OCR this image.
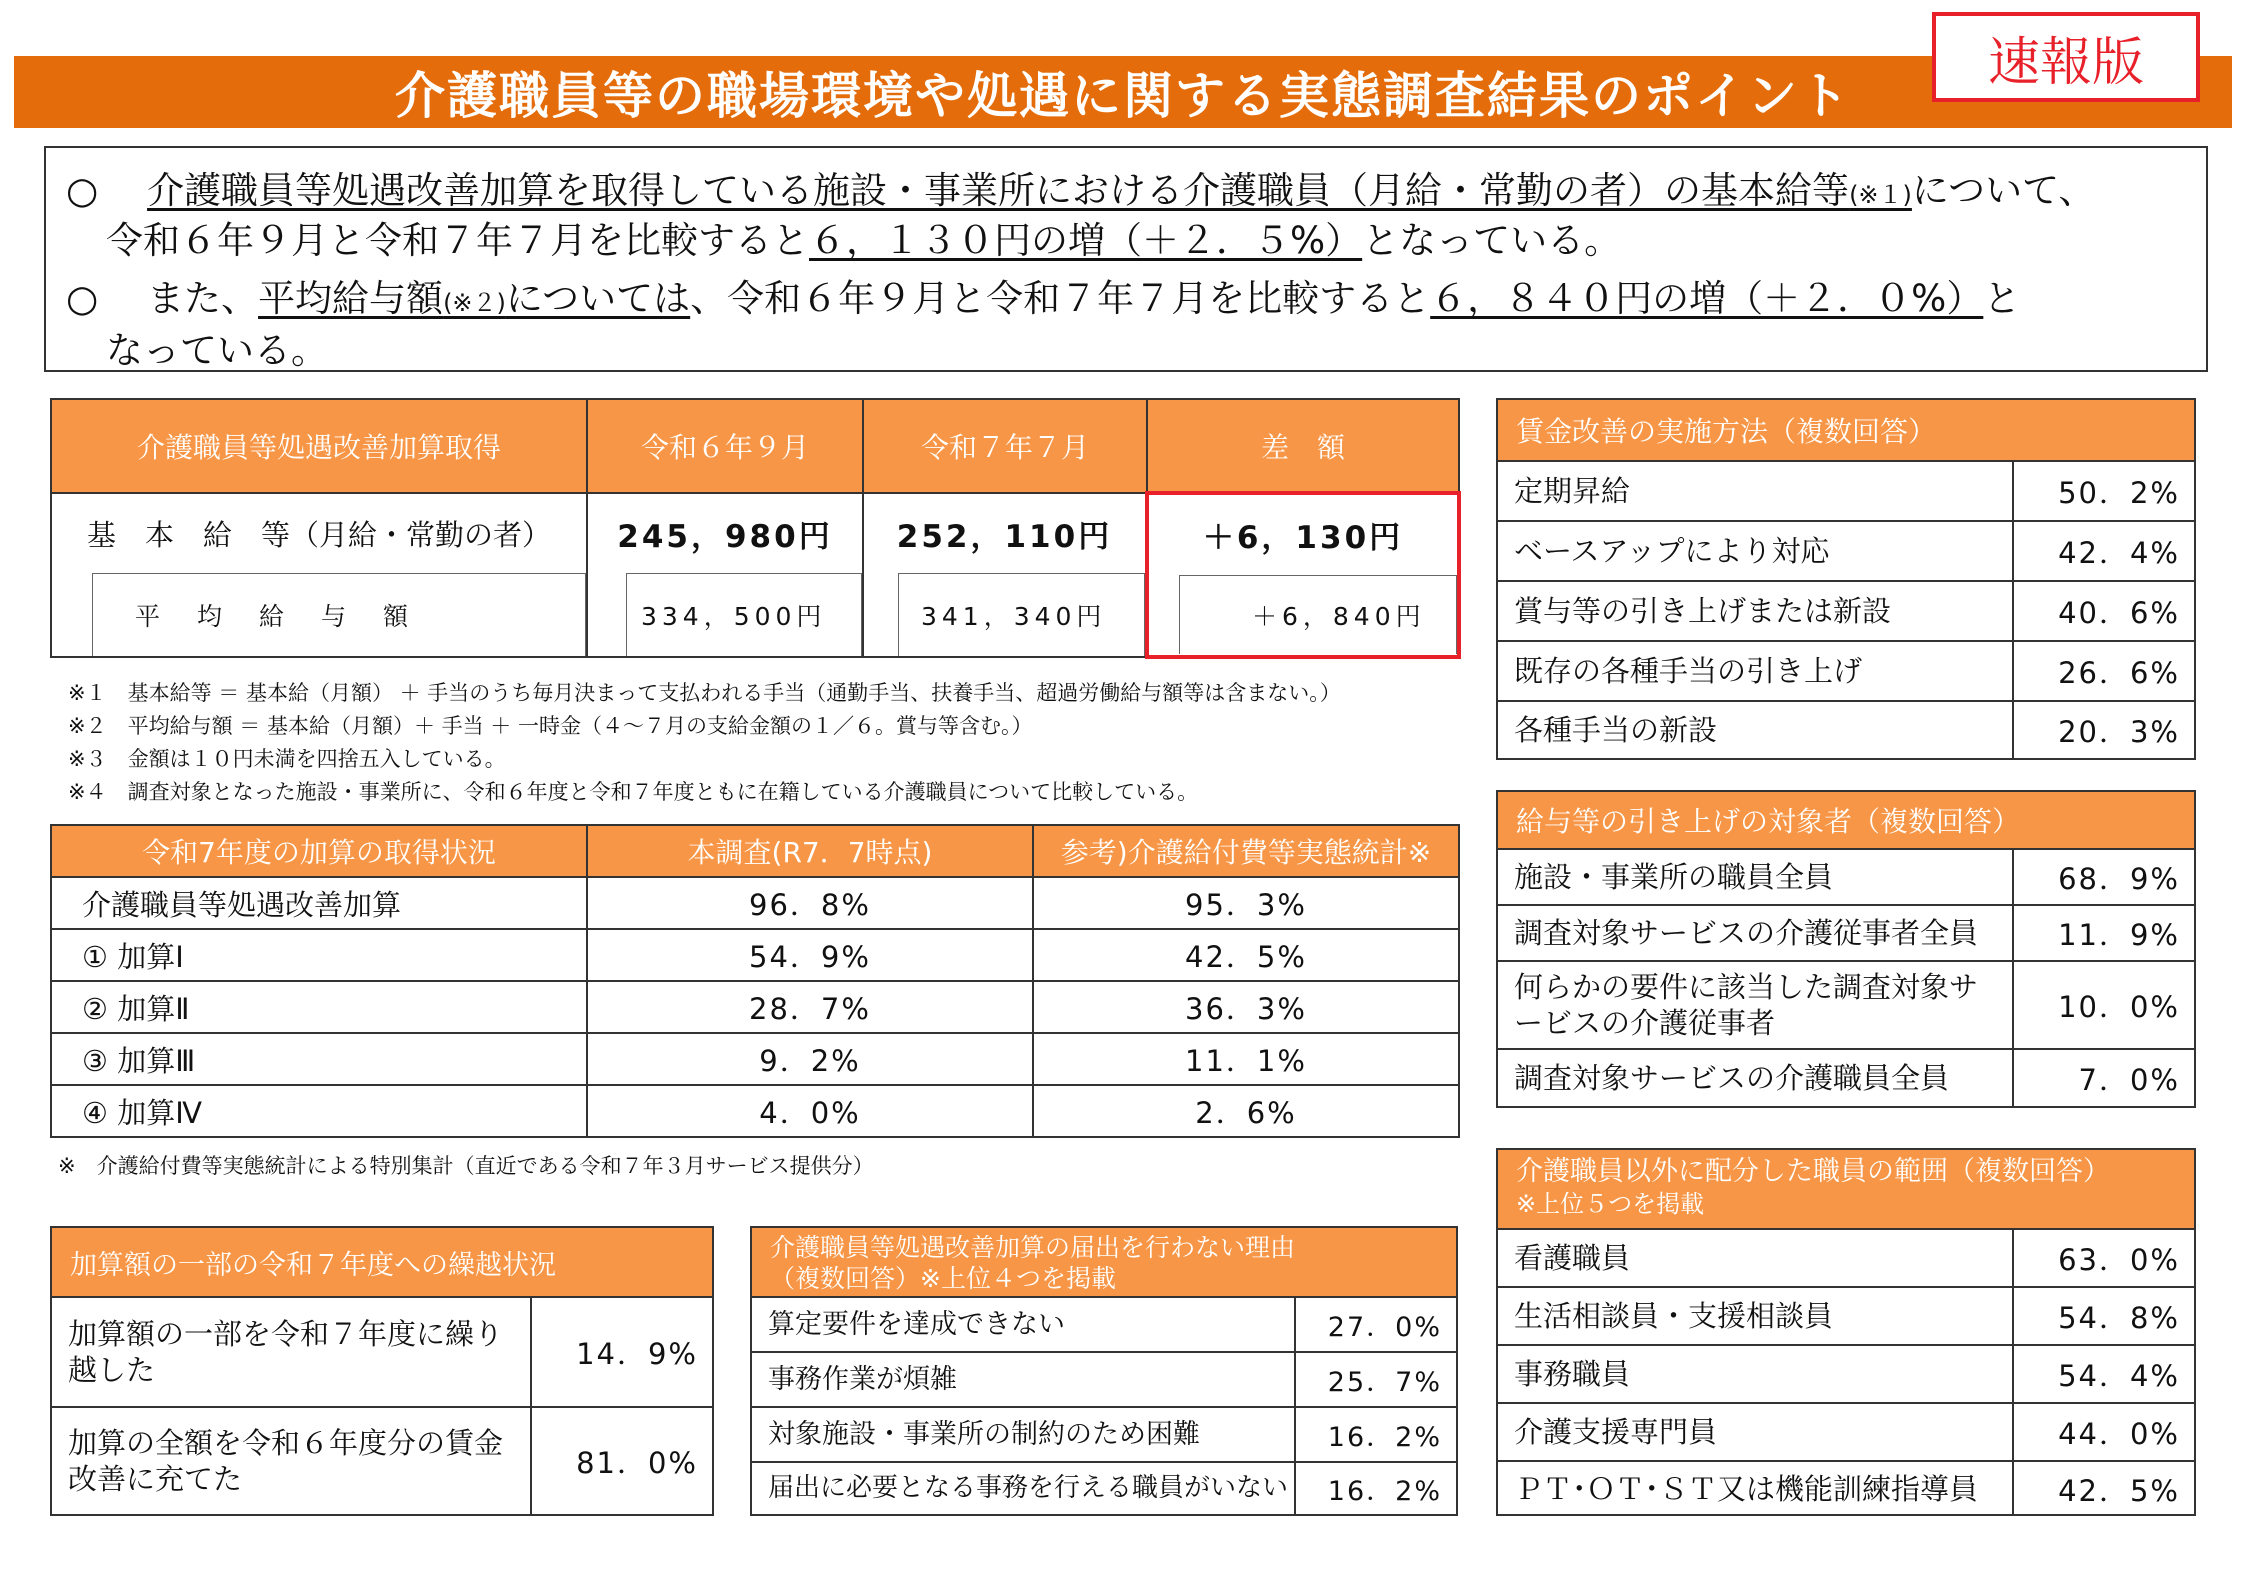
介護職員等の職場環境や処遇に関する実態調査結果のポイント
速報版
○　 介護職員等処遇改善加算を取得している施設・事業所における介護職員（月給・常勤の者）の基本給等(※１)について、
令和６年９月と令和７年７月を比較すると６，１３０円の増（＋２．５%）となっている。
○　 また、平均給与額(※２)については、令和６年９月と令和７年７月を比較すると６，８４０円の増（＋２．０%）と
なっている。
介護職員等処遇改善加算取得	令和６年９月	令和７年７月	差　額
基　本　給　等（月給・常勤の者）	245，980円	252，110円	＋6，130円

平　均　給　与　額	334，500円	341，340円	＋6，840円
※１　基本給等 ＝ 基本給（月額） ＋ 手当のうち毎月決まって支払われる手当（通勤手当、扶養手当、超過労働給与額等は含まない。）
※２　平均給与額 ＝ 基本給（月額）＋ 手当 ＋ 一時金（４～７月の支給金額の１／６。賞与等含む。）
※３　金額は１０円未満を四捨五入している。
※４　調査対象となった施設・事業所に、令和６年度と令和７年度ともに在籍している介護職員について比較している。
令和7年度の加算の取得状況	本調査(R7．7時点)	参考)介護給付費等実態統計※
介護職員等処遇改善加算	96．8%	95．3%
① 加算Ⅰ	54．9%	42．5%
② 加算Ⅱ	28．7%	36．3%
③ 加算Ⅲ	9．2%	11．1%
④ 加算Ⅳ	4．0%	2．6%
※　介護給付費等実態統計による特別集計（直近である令和７年３月サービス提供分）
加算額の一部の令和７年度への繰越状況
加算額の一部を令和７年度に繰り越した	14．9%
加算の全額を令和６年度分の賃金改善に充てた	81．0%
介護職員等処遇改善加算の届出を行わない理由
（複数回答）※上位４つを掲載
算定要件を達成できない	27．0%
事務作業が煩雑	25．7%
対象施設・事業所の制約のため困難	16．2%
届出に必要となる事務を行える職員がいない	16．2%
賃金改善の実施方法（複数回答）
定期昇給	50．2%
ベースアップにより対応	42．4%
賞与等の引き上げまたは新設	40．6%
既存の各種手当の引き上げ	26．6%
各種手当の新設	20．3%
給与等の引き上げの対象者（複数回答）
施設・事業所の職員全員	68．9%
調査対象サービスの介護従事者全員	11．9%
何らかの要件に該当した調査対象サービスの介護従事者	10．0%
調査対象サービスの介護職員全員	7．0%
介護職員以外に配分した職員の範囲（複数回答）
※上位５つを掲載
看護職員	63．0%
生活相談員・支援相談員	54．8%
事務職員	54．4%
介護支援専門員	44．0%
ＰＴ･ＯＴ･ＳＴ又は機能訓練指導員	42．5%
